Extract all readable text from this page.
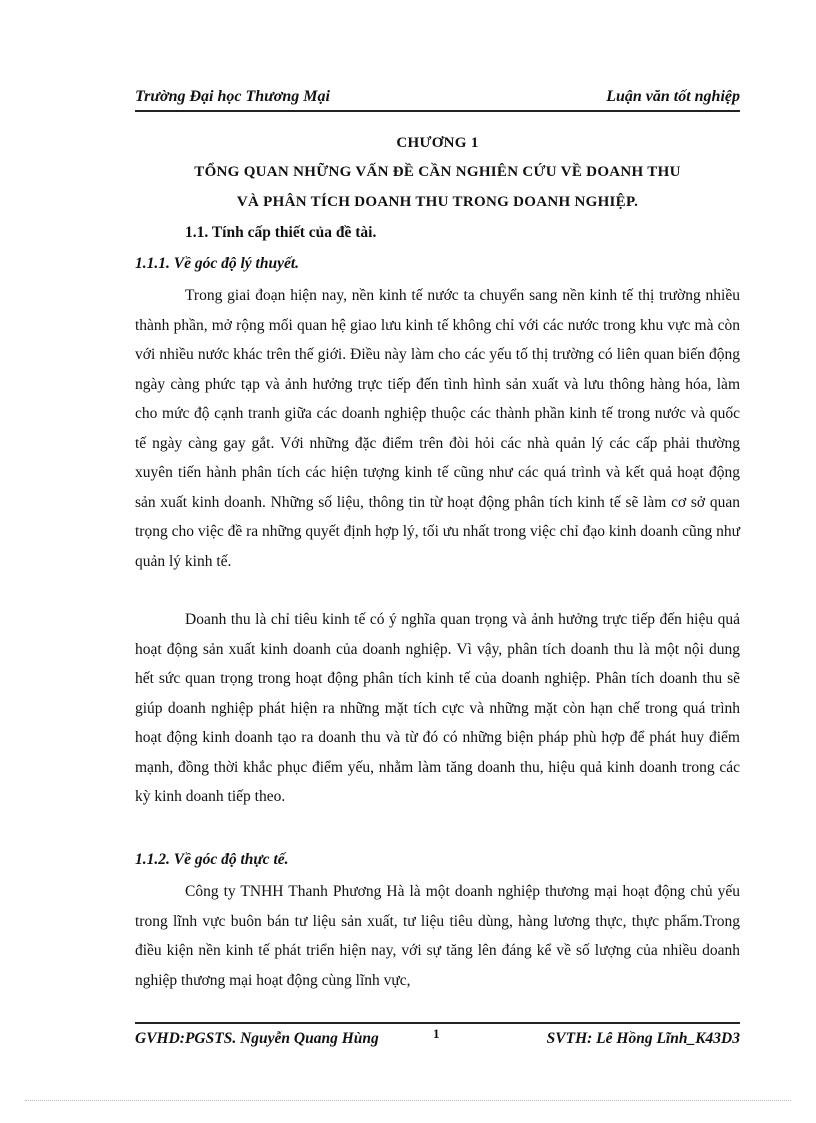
Trường Đại học Thương Mại	Luận văn tốt nghiệp
CHƯƠNG 1
TỔNG QUAN NHỮNG VẤN ĐỀ CẦN NGHIÊN CỨU VỀ DOANH THU
VÀ PHÂN TÍCH DOANH THU TRONG DOANH NGHIỆP.
1.1. Tính cấp thiết của đề tài.
1.1.1. Về góc độ lý thuyết.

Trong giai đoạn hiện nay, nền kinh tế nước ta chuyển sang nền kinh tế thị trường nhiều thành phần, mở rộng mối quan hệ giao lưu kinh tế không chỉ với các nước trong khu vực mà còn với nhiều nước khác trên thế giới. Điều này làm cho các yếu tố thị trường có liên quan biến động ngày càng phức tạp và ảnh hưởng trực tiếp đến tình hình sản xuất và lưu thông hàng hóa, làm cho mức độ cạnh tranh giữa các doanh nghiệp thuộc các thành phần kinh tế trong nước và quốc tế ngày càng gay gắt. Với những đặc điểm trên đòi hỏi các nhà quản lý các cấp phải thường xuyên tiến hành phân tích các hiện tượng kinh tế cũng như các quá trình và kết quả hoạt động sản xuất kinh doanh. Những số liệu, thông tin từ hoạt động phân tích kinh tế sẽ làm cơ sở quan trọng cho việc đề ra những quyết định hợp lý, tối ưu nhất trong việc chỉ đạo kinh doanh cũng như quản lý kinh tế.

Doanh thu là chỉ tiêu kinh tế có ý nghĩa quan trọng và ảnh hưởng trực tiếp đến hiệu quả hoạt động sản xuất kinh doanh của doanh nghiệp. Vì vậy, phân tích doanh thu là một nội dung hết sức quan trọng trong hoạt động phân tích kinh tế của doanh nghiệp. Phân tích doanh thu sẽ giúp doanh nghiệp phát hiện ra những mặt tích cực và những mặt còn hạn chế trong quá trình hoạt động kinh doanh tạo ra doanh thu và từ đó có những biện pháp phù hợp để phát huy điểm mạnh, đồng thời khắc phục điểm yếu, nhằm làm tăng doanh thu, hiệu quả kinh doanh trong các kỳ kinh doanh tiếp theo.

1.1.2. Về góc độ thực tế.

Công ty TNHH Thanh Phương Hà là một doanh nghiệp thương mại hoạt động chủ yếu trong lĩnh vực buôn bán tư liệu sản xuất, tư liệu tiêu dùng, hàng lương thực, thực phẩm.Trong điều kiện nền kinh tế phát triển hiện nay, với sự tăng lên đáng kể về số lượng của nhiều doanh nghiệp thương mại hoạt động cùng lĩnh vực,

GVHD:PGSTS. Nguyễn Quang Hùng	1	SVTH: Lê Hồng Lĩnh_K43D3
